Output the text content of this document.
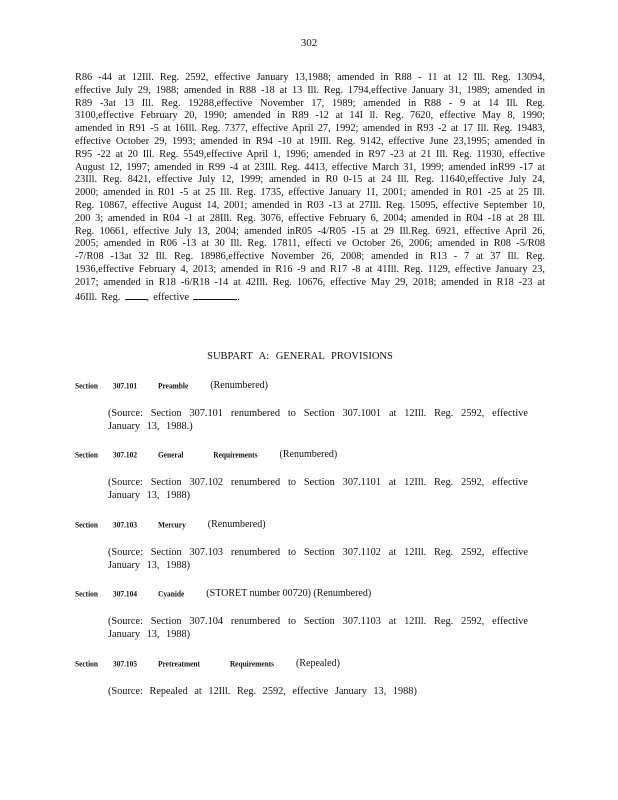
302

R86 -44 at 12Ill. Reg. 2592, effective January 13,1988; amended in R88 - 11 at 12 Ill. Reg. 13094, effective July 29, 1988; amended in R88 -18 at 13 Ill. Reg. 1794,effective January 31, 1989; amended in R89 -3at 13 Ill. Reg. 19288,effective November 17, 1989; amended in R88 - 9 at 14 Ill. Reg. 3100,effective February 20, 1990; amended in R89 -12 at 14I ll. Reg. 7620, effective May 8, 1990; amended in R91 -5 at 16Ill. Reg. 7377, effective April 27, 1992; amended in R93 -2 at 17 Ill. Reg. 19483, effective October 29, 1993; amended in R94 -10 at 19Ill. Reg. 9142, effective June 23,1995; amended in R95 -22 at 20 Ill. Reg. 5549,effective April 1, 1996; amended in R97 -23 at 21 Ill. Reg. 11930, effective August 12, 1997; amended in R99 -4 at 23Ill. Reg. 4413, effective March 31, 1999; amended inR99 -17 at 23Ill. Reg. 8421, effective July 12, 1999; amended in R0 0-15 at 24 Ill. Reg. 11640,effective July 24, 2000; amended in R01 -5 at 25 Ill. Reg. 1735, effective January 11, 2001; amended in R01 -25 at 25 Ill. Reg. 10867, effective August 14, 2001; amended in R03 -13 at 27Ill. Reg. 15095, effective September 10, 200 3; amended in R04 -1 at 28Ill. Reg. 3076, effective February 6, 2004; amended in R04 -18 at 28 Ill. Reg. 10661, effective July 13, 2004; amended inR05 -4/R05 -15 at 29 Ill.Reg. 6921, effective April 26, 2005; amended in R06 -13 at 30 Ill. Reg. 17811, effecti ve October 26, 2006; amended in R08 -5/R08 -7/R08 -13at 32 Ill. Reg. 18986,effective November 26, 2008; amended in R13 - 7 at 37 Ill. Reg. 1936,effective February 4, 2013; amended in R16 -9 and R17 -8 at 41Ill. Reg. 1129, effective January 23, 2017; amended in R18 -6/R18 -14 at 42Ill. Reg. 10676, effective May 29, 2018; amended in R18 -23 at 46Ill. Reg.	, effective	.

SUBPART A: GENERAL PROVISIONS
Section	307.101	Preamble (Renumbered)
(Source: Section 307.101 renumbered to Section 307.1001 at 12Ill. Reg. 2592, effective January 13, 1988.)
Section	307.102	General Requirements (Renumbered)
(Source: Section 307.102 renumbered to Section 307.1101 at 12Ill. Reg. 2592, effective January 13, 1988)
Section	307.103	Mercury (Renumbered)
(Source: Section 307.103 renumbered to Section 307.1102 at 12Ill. Reg. 2592, effective January 13, 1988)
Section	307.104	Cyanide (STORET number 00720) (Renumbered)
(Source: Section 307.104 renumbered to Section 307.1103 at 12Ill. Reg. 2592, effective January 13, 1988)
Section	307.105	Pretreatment Requirements (Repealed)
(Source: Repealed at 12Ill. Reg. 2592, effective January 13, 1988)
